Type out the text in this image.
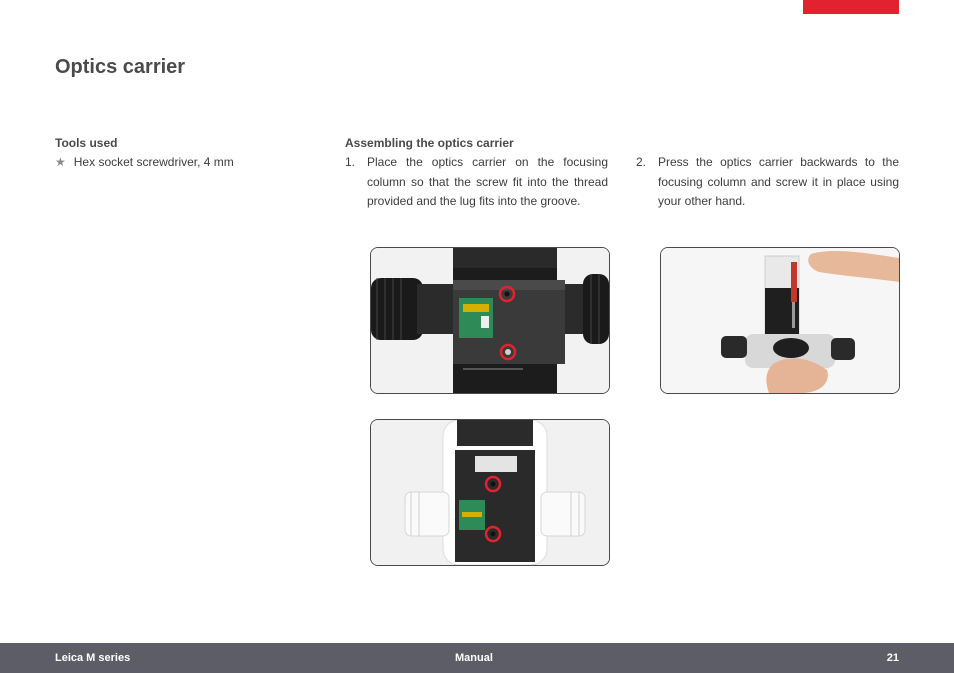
Optics carrier
Tools used
★ Hex socket screwdriver, 4 mm
Assembling the optics carrier
1. Place the optics carrier on the focusing column so that the screw fit into the thread provided and the lug fits into the groove.
2. Press the optics carrier backwards to the focusing column and screw it in place using your other hand.
Leica M series	Manual	21
